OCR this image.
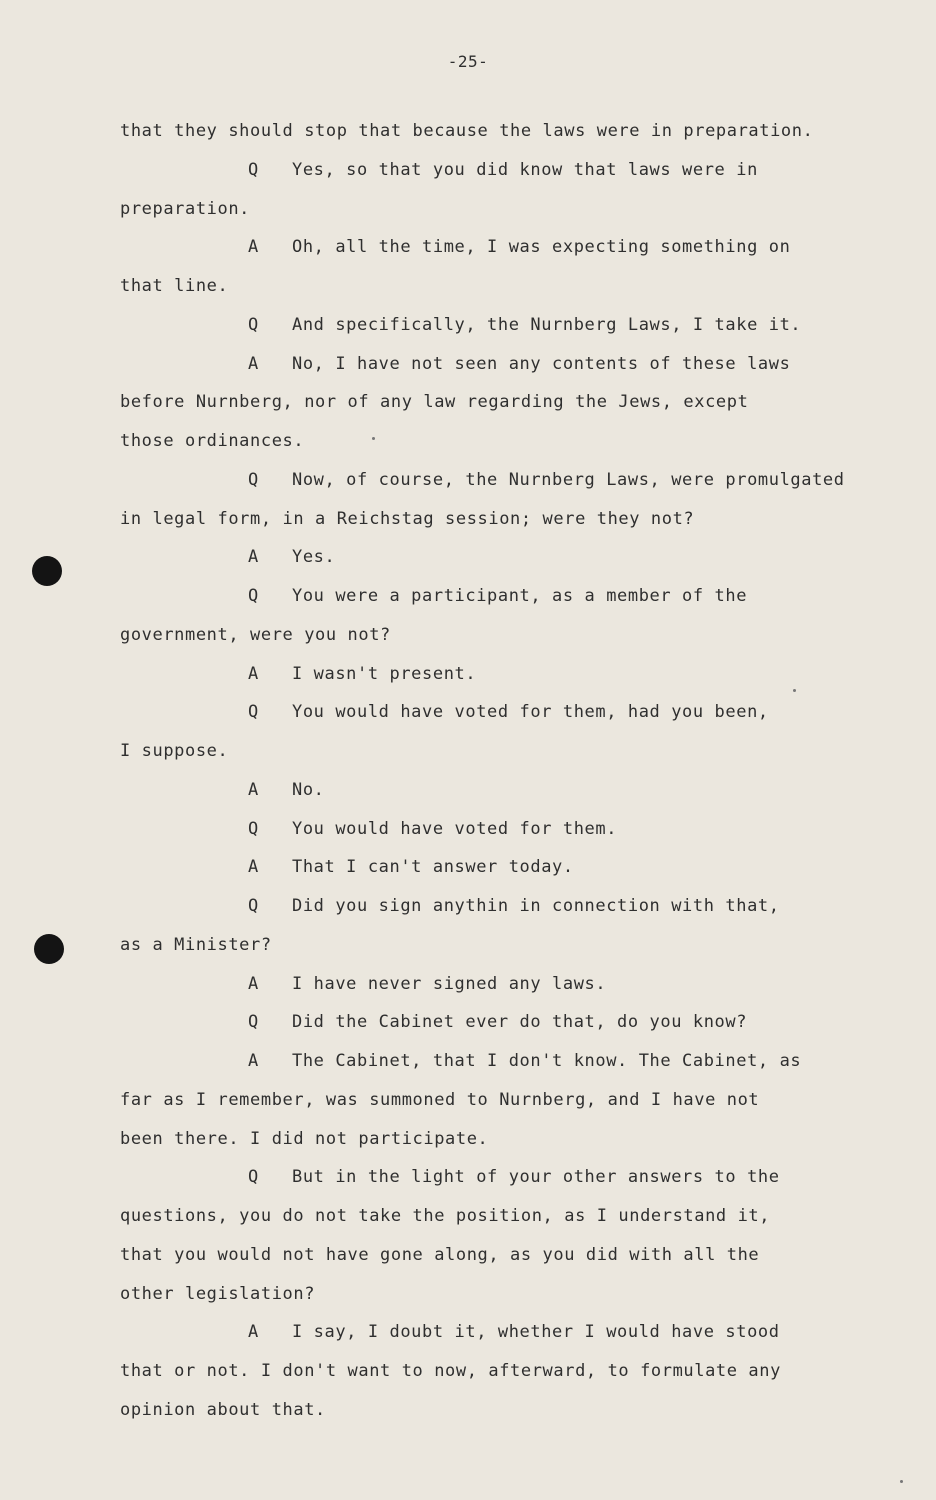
-25-
that they should stop that because the laws were in preparation.
Q Yes, so that you did know that laws were in
preparation.
A Oh, all the time, I was expecting something on
that line.
Q And specifically, the Nurnberg Laws, I take it.
A No, I have not seen any contents of these laws
before Nurnberg, nor of any law regarding the Jews, except
those ordinances.
Q Now, of course, the Nurnberg Laws, were promulgated
in legal form, in a Reichstag session; were they not?
A Yes.
Q You were a participant, as a member of the
government, were you not?
A I wasn't present.
Q You would have voted for them, had you been,
I suppose.
A No.
Q You would have voted for them.
A That I can't answer today.
Q Did you sign anythin in connection with that,
as a Minister?
A I have never signed any laws.
Q Did the Cabinet ever do that, do you know?
A The Cabinet, that I don't know. The Cabinet, as
far as I remember, was summoned to Nurnberg, and I have not
been there. I did not participate.
Q But in the light of your other answers to the
questions, you do not take the position, as I understand it,
that you would not have gone along, as you did with all the
other legislation?
A I say, I doubt it, whether I would have stood
that or not. I don't want to now, afterward, to formulate any
opinion about that.
